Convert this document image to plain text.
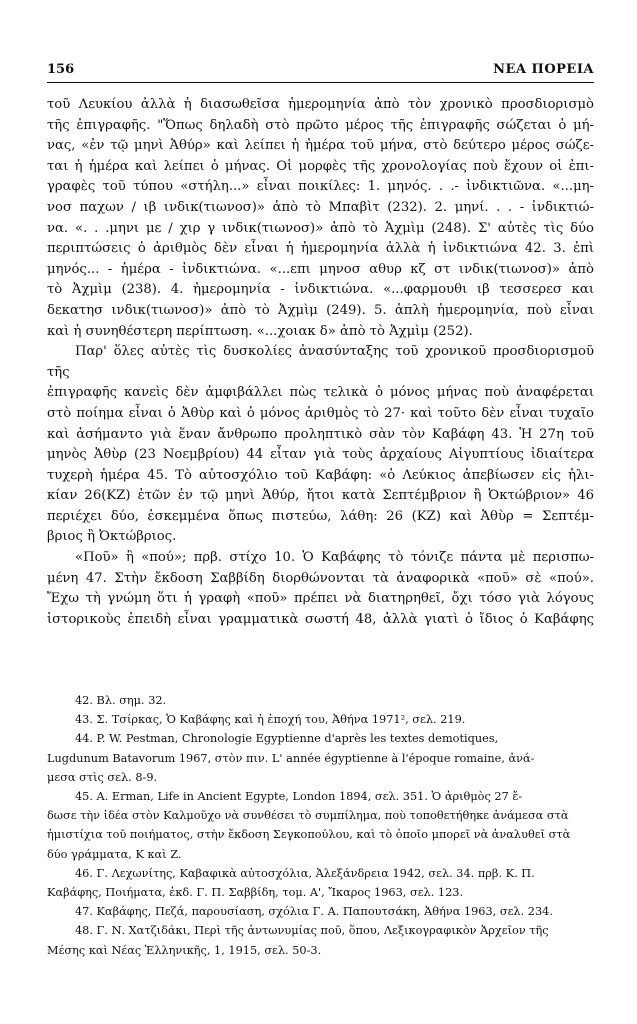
156	ΝΕΑ ΠΟΡΕΙΑ

τοῦ Λευκίου ἀλλὰ ἡ διασωθεῖσα ἡμερομηνία ἀπὸ τὸν χρονικὸ προσδιορισμὸ

τῆς ἐπιγραφῆς. "Ὅπως δηλαδὴ στὸ πρῶτο μέρος τῆς ἐπιγραφῆς σώζεται ὁ μή-

νας, «ἐν τῷ μηνὶ Ἀθύρ» καὶ λείπει ἡ ἡμέρα τοῦ μήνα, στὸ δεύτερο μέρος σώζε-

ται ἡ ἡμέρα καὶ λείπει ὁ μήνας. Οἱ μορφὲς τῆς χρονολογίας ποὺ ἔχουν οἱ ἐπι-

γραφὲς τοῦ τύπου «στήλη...» εἶναι ποικίλες: 1. μηνός. . .- ἰνδικτιῶνα. «...μη-

νοσ παχων / ιβ ινδικ(τιωνοσ)» ἀπὸ τὸ Μπαβὶτ (232). 2. μηνί. . . - ἰνδικτιώ-

να. «. . .μηνι με / χιρ γ ινδικ(τιωνοσ)» ἀπὸ τὸ Ἀχμὶμ (248). Σ' αὐτὲς τὶς δύο

περιπτώσεις ὁ ἀριθμὸς δὲν εἶναι ἡ ἡμερομηνία ἀλλὰ ἡ ἰνδικτιώνα 42. 3. ἐπὶ

μηνός... - ἡμέρα - ἰνδικτιώνα. «...επι μηνοσ αθυρ κζ στ ινδικ(τιωνοσ)» ἀπὸ

τὸ Ἀχμὶμ (238). 4. ἡμερομηνία - ἰνδικτιώνα. «...φαρμουθι ιβ τεσσερεσ και

δεκατησ ινδικ(τιωνοσ)» ἀπὸ τὸ Ἀχμὶμ (249). 5. ἁπλὴ ἡμερομηνία, ποὺ εἶναι

καὶ ἡ συνηθέστερη περίπτωση. «...χοιακ δ» ἀπὸ τὸ Ἀχμὶμ (252).

Παρ' ὅλες αὐτὲς τὶς δυσκολίες ἀνασύνταξης τοῦ χρονικοῦ προσδιορισμοῦ τῆς

ἐπιγραφῆς κανεὶς δὲν ἀμφιβάλλει πὼς τελικὰ ὁ μόνος μήνας ποὺ ἀναφέρεται

στὸ ποίημα εἶναι ὁ Ἀθὺρ καὶ ὁ μόνος ἀριθμὸς τὸ 27· καὶ τοῦτο δὲν εἶναι τυχαῖο

καὶ ἀσήμαντο γιὰ ἕναν ἄνθρωπο προληπτικὸ σὰν τὸν Καβάφη 43. Ἡ 27η τοῦ

μηνὸς Ἀθὺρ (23 Νοεμβρίου) 44 εἶταν γιὰ τοὺς ἀρχαίους Αἰγυπτίους ἰδιαίτερα

τυχερὴ ἡμέρα 45. Τὸ αὐτοσχόλιο τοῦ Καβάφη: «ὁ Λεύκιος ἀπεβίωσεν εἰς ἡλι-

κίαν 26(ΚΖ) ἐτῶν ἐν τῷ μηνὶ Ἀθύρ, ἤτοι κατὰ Σεπτέμβριον ἢ Ὀκτώβριον» 46

περιέχει δύο, ἐσκεμμένα ὅπως πιστεύω, λάθη: 26 (ΚΖ) καὶ Ἀθὺρ = Σεπτέμ-

βριος ἢ Ὀκτώβριος.

«Ποῦ» ἢ «πού»; πρβ. στίχο 10. Ὁ Καβάφης τὸ τόνιζε πάντα μὲ περισπω-

μένη 47. Στὴν ἔκδοση Σαββίδη διορθώνονται τὰ ἀναφορικὰ «ποῦ» σὲ «πού».

Ἔχω τὴ γνώμη ὅτι ἡ γραφὴ «ποῦ» πρέπει νὰ διατηρηθεῖ, ὄχι τόσο γιὰ λόγους

ἱστορικοὺς ἐπειδὴ εἶναι γραμματικὰ σωστή 48, ἀλλὰ γιατὶ ὁ ἴδιος ὁ Καβάφης

42. Βλ. σημ. 32.
43. Σ. Τσίρκας, Ὁ Καβάφης καὶ ἡ ἐποχή του, Ἀθήνα 1971², σελ. 219.
44. P. W. Pestman, Chronologie Egyptienne d'après les textes demotiques,
Lugdunum Batavorum 1967, στὸν πιν. L' année égyptienne à l'époque romaine, ἀνά-
μεσα στὶς σελ. 8-9.
45. A. Erman, Life in Ancient Egypte, London 1894, σελ. 351. Ὁ ἀριθμὸς 27 ἔ-
δωσε τὴν ἰδέα στὸν Καλμοῦχο νὰ συνθέσει τὸ συμπίλημα, ποὺ τοποθετήθηκε ἀνάμεσα στὰ
ἡμιστίχια τοῦ ποιήματος, στὴν ἔκδοση Σεγκοπούλου, καὶ τὸ ὁποῖο μπορεῖ νὰ ἀναλυθεῖ στὰ
δύο γράμματα, Κ καὶ Ζ.
46. Γ. Λεχωνίτης, Καβαφικὰ αὐτοσχόλια, Ἀλεξάνδρεια 1942, σελ. 34. πρβ. Κ. Π.
Καβάφης, Ποιήματα, ἐκδ. Γ. Π. Σαββίδη, τομ. Α', Ἴκαρος 1963, σελ. 123.
47. Καβάφης, Πεζά, παρουσίαση, σχόλια Γ. Α. Παπουτσάκη, Ἀθήνα 1963, σελ. 234.
48. Γ. Ν. Χατζιδάκι, Περὶ τῆς ἀντωνυμίας ποῦ, ὅπου, Λεξικογραφικὸν Ἀρχεῖον τῆς
Μέσης καὶ Νέας Ἑλληνικῆς, 1, 1915, σελ. 50-3.
